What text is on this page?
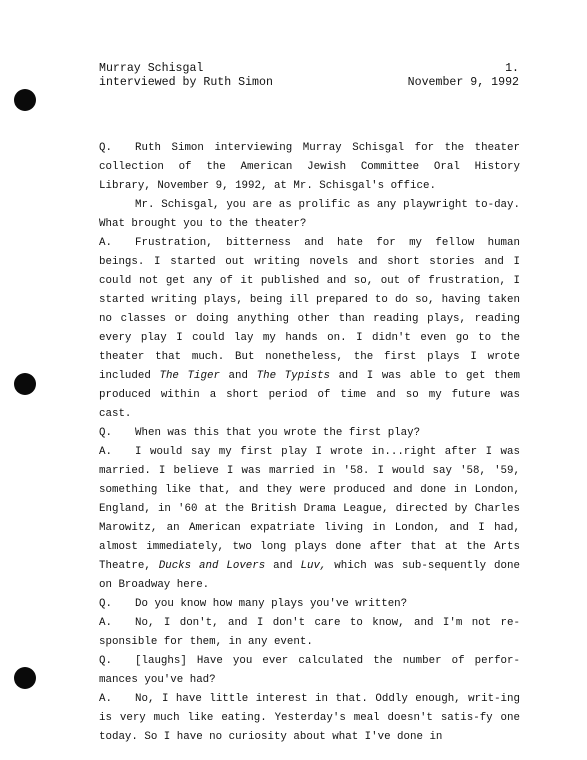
Murray Schisgal
interviewed by Ruth Simon
1.
November 9, 1992

Q. Ruth Simon interviewing Murray Schisgal for the theater collection of the American Jewish Committee Oral History Library, November 9, 1992, at Mr. Schisgal's office.

Mr. Schisgal, you are as prolific as any playwright to-day. What brought you to the theater?

A. Frustration, bitterness and hate for my fellow human beings. I started out writing novels and short stories and I could not get any of it published and so, out of frustration, I started writing plays, being ill prepared to do so, having taken no classes or doing anything other than reading plays, reading every play I could lay my hands on. I didn't even go to the theater that much. But nonetheless, the first plays I wrote included The Tiger and The Typists and I was able to get them produced within a short period of time and so my future was cast.

Q. When was this that you wrote the first play?

A. I would say my first play I wrote in...right after I was married. I believe I was married in '58. I would say '58, '59, something like that, and they were produced and done in London, England, in '60 at the British Drama League, directed by Charles Marowitz, an American expatriate living in London, and I had, almost immediately, two long plays done after that at the Arts Theatre, Ducks and Lovers and Luv, which was sub-sequently done on Broadway here.

Q. Do you know how many plays you've written?

A. No, I don't, and I don't care to know, and I'm not re-sponsible for them, in any event.

Q. [laughs] Have you ever calculated the number of perfor-mances you've had?

A. No, I have little interest in that. Oddly enough, writ-ing is very much like eating. Yesterday's meal doesn't satis-fy one today. So I have no curiosity about what I've done in
